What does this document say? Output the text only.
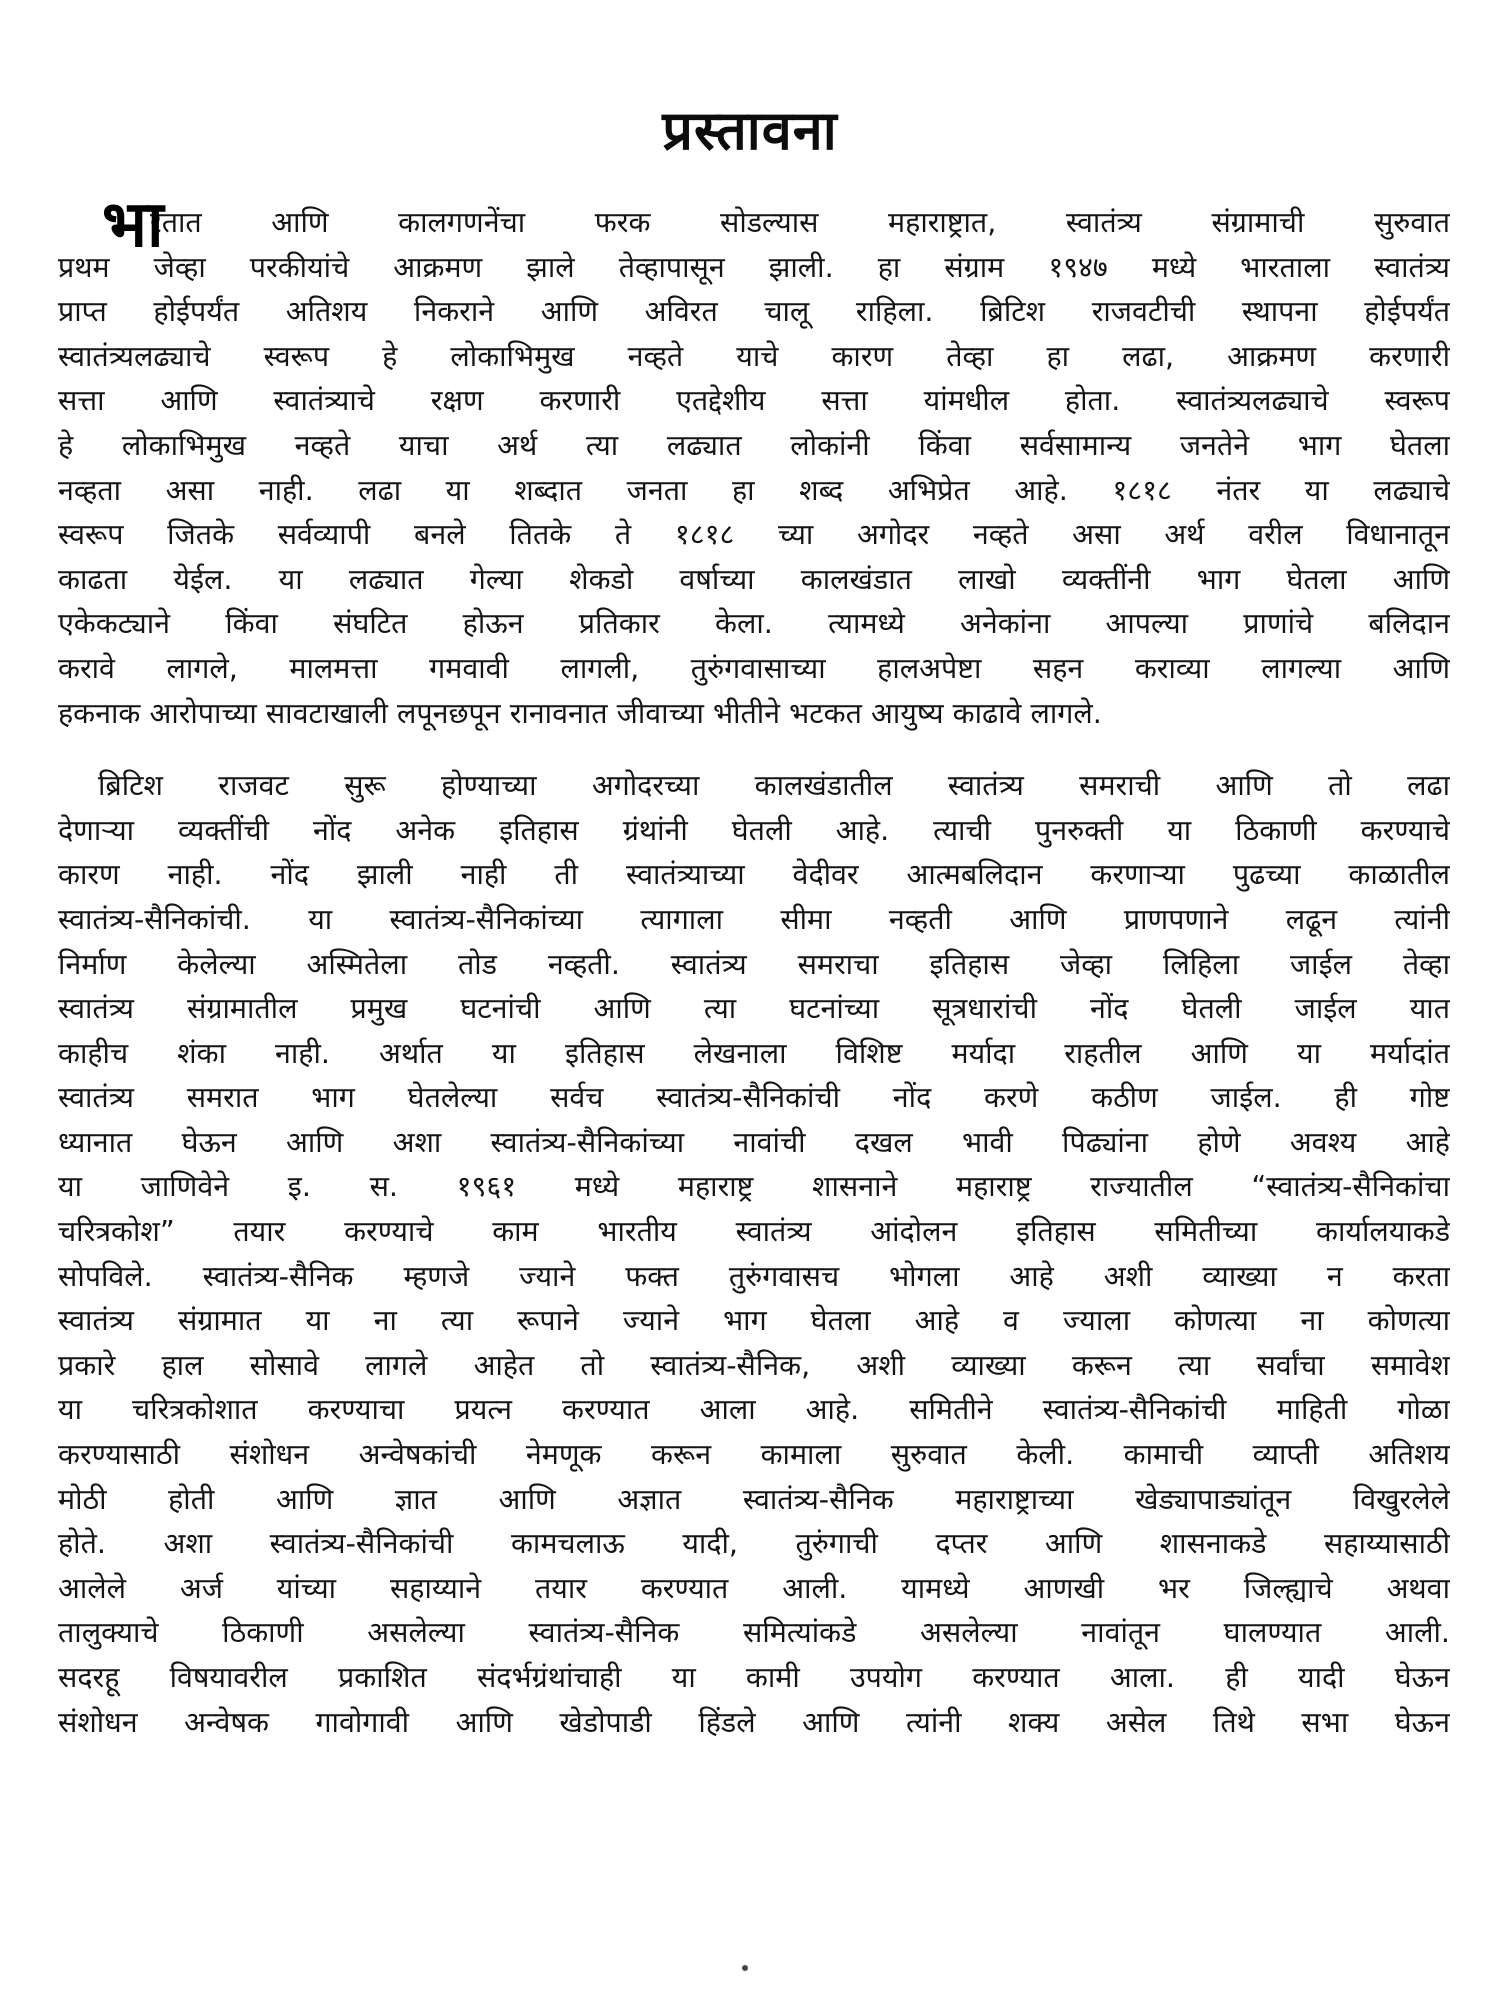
प्रस्तावना
भा
रतात आणि कालगणनेंचा फरक सोडल्यास महाराष्ट्रात, स्वातंत्र्य संग्रामाची सुरुवात
प्रथम जेव्हा परकीयांचे आक्रमण झाले तेव्हापासून झाली. हा संग्राम १९४७ मध्ये भारताला स्वातंत्र्य
प्राप्त होईपर्यंत अतिशय निकराने आणि अविरत चालू राहिला. ब्रिटिश राजवटीची स्थापना होईपर्यंत
स्वातंत्र्यलढ्याचे स्वरूप हे लोकाभिमुख नव्हते याचे कारण तेव्हा हा लढा, आक्रमण करणारी
सत्ता आणि स्वातंत्र्याचे रक्षण करणारी एतद्देशीय सत्ता यांमधील होता. स्वातंत्र्यलढ्याचे स्वरूप
हे लोकाभिमुख नव्हते याचा अर्थ त्या लढ्यात लोकांनी किंवा सर्वसामान्य जनतेने भाग घेतला
नव्हता असा नाही. लढा या शब्दात जनता हा शब्द अभिप्रेत आहे. १८१८ नंतर या लढ्याचे
स्वरूप जितके सर्वव्यापी बनले तितके ते १८१८ च्या अगोदर नव्हते असा अर्थ वरील विधानातून
काढता येईल. या लढ्यात गेल्या शेकडो वर्षाच्या कालखंडात लाखो व्यक्तींनी भाग घेतला आणि
एकेकट्याने किंवा संघटित होऊन प्रतिकार केला. त्यामध्ये अनेकांना आपल्या प्राणांचे बलिदान
करावे लागले, मालमत्ता गमवावी लागली, तुरुंगवासाच्या हालअपेष्टा सहन कराव्या लागल्या आणि
हकनाक आरोपाच्या सावटाखाली लपूनछपून रानावनात जीवाच्या भीतीने भटकत आयुष्य काढावे लागले.
ब्रिटिश राजवट सुरू होण्याच्या अगोदरच्या कालखंडातील स्वातंत्र्य समराची आणि तो लढा
देणाऱ्या व्यक्तींची नोंद अनेक इतिहास ग्रंथांनी घेतली आहे. त्याची पुनरुक्ती या ठिकाणी करण्याचे
कारण नाही. नोंद झाली नाही ती स्वातंत्र्याच्या वेदीवर आत्मबलिदान करणाऱ्या पुढच्या काळातील
स्वातंत्र्य-सैनिकांची. या स्वातंत्र्य-सैनिकांच्या त्यागाला सीमा नव्हती आणि प्राणपणाने लढून त्यांनी
निर्माण केलेल्या अस्मितेला तोड नव्हती. स्वातंत्र्य समराचा इतिहास जेव्हा लिहिला जाईल तेव्हा
स्वातंत्र्य संग्रामातील प्रमुख घटनांची आणि त्या घटनांच्या सूत्रधारांची नोंद घेतली जाईल यात
काहीच शंका नाही. अर्थात या इतिहास लेखनाला विशिष्ट मर्यादा राहतील आणि या मर्यादांत
स्वातंत्र्य समरात भाग घेतलेल्या सर्वच स्वातंत्र्य-सैनिकांची नोंद करणे कठीण जाईल. ही गोष्ट
ध्यानात घेऊन आणि अशा स्वातंत्र्य-सैनिकांच्या नावांची दखल भावी पिढ्यांना होणे अवश्य आहे
या जाणिवेने इ. स. १९६१ मध्ये महाराष्ट्र शासनाने महाराष्ट्र राज्यातील “स्वातंत्र्य-सैनिकांचा
चरित्रकोश” तयार करण्याचे काम भारतीय स्वातंत्र्य आंदोलन इतिहास समितीच्या कार्यालयाकडे
सोपविले. स्वातंत्र्य-सैनिक म्हणजे ज्याने फक्त तुरुंगवासच भोगला आहे अशी व्याख्या न करता
स्वातंत्र्य संग्रामात या ना त्या रूपाने ज्याने भाग घेतला आहे व ज्याला कोणत्या ना कोणत्या
प्रकारे हाल सोसावे लागले आहेत तो स्वातंत्र्य-सैनिक, अशी व्याख्या करून त्या सर्वांचा समावेश
या चरित्रकोशात करण्याचा प्रयत्न करण्यात आला आहे. समितीने स्वातंत्र्य-सैनिकांची माहिती गोळा
करण्यासाठी संशोधन अन्वेषकांची नेमणूक करून कामाला सुरुवात केली. कामाची व्याप्ती अतिशय
मोठी होती आणि ज्ञात आणि अज्ञात स्वातंत्र्य-सैनिक महाराष्ट्राच्या खेड्यापाड्यांतून विखुरलेले
होते. अशा स्वातंत्र्य-सैनिकांची कामचलाऊ यादी, तुरुंगाची दप्तर आणि शासनाकडे सहाय्यासाठी
आलेले अर्ज यांच्या सहाय्याने तयार करण्यात आली. यामध्ये आणखी भर जिल्ह्याचे अथवा
तालुक्याचे ठिकाणी असलेल्या स्वातंत्र्य-सैनिक समित्यांकडे असलेल्या नावांतून घालण्यात आली.
सदरहू विषयावरील प्रकाशित संदर्भग्रंथांचाही या कामी उपयोग करण्यात आला. ही यादी घेऊन
संशोधन अन्वेषक गावोगावी आणि खेडोपाडी हिंडले आणि त्यांनी शक्य असेल तिथे सभा घेऊन
